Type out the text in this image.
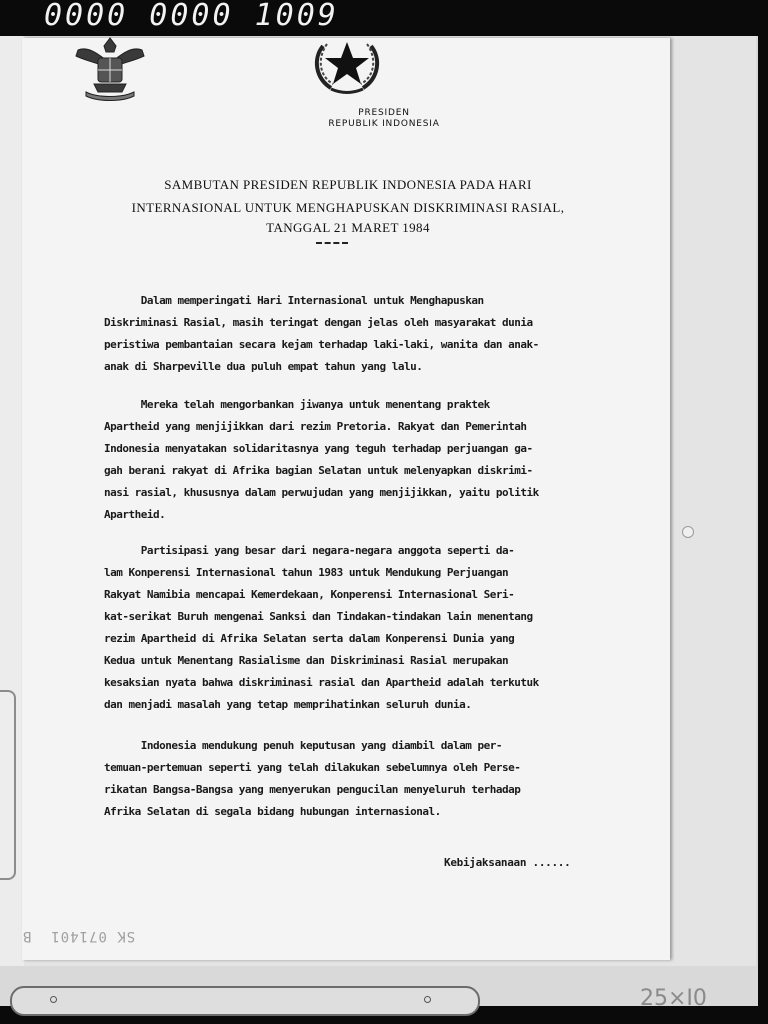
0000 0000 1009
PRESIDEN
REPUBLIK INDONESIA
SAMBUTAN PRESIDEN REPUBLIK INDONESIA PADA HARI
INTERNASIONAL UNTUK MENGHAPUSKAN DISKRIMINASI RASIAL,
TANGGAL 21 MARET 1984
Dalam memperingati Hari Internasional untuk Menghapuskan
Diskriminasi Rasial, masih teringat dengan jelas oleh masyarakat dunia
peristiwa pembantaian secara kejam terhadap laki-laki, wanita dan anak-
anak di Sharpeville dua puluh empat tahun yang lalu.
Mereka telah mengorbankan jiwanya untuk menentang praktek
Apartheid yang menjijikkan dari rezim Pretoria. Rakyat dan Pemerintah
Indonesia menyatakan solidaritasnya yang teguh terhadap perjuangan ga-
gah berani rakyat di Afrika bagian Selatan untuk melenyapkan diskrimi-
nasi rasial, khususnya dalam perwujudan yang menjijikkan, yaitu politik
Apartheid.
Partisipasi yang besar dari negara-negara anggota seperti da-
lam Konperensi Internasional tahun 1983 untuk Mendukung Perjuangan
Rakyat Namibia mencapai Kemerdekaan, Konperensi Internasional Seri-
kat-serikat Buruh mengenai Sanksi dan Tindakan-tindakan lain menentang
rezim Apartheid di Afrika Selatan serta dalam Konperensi Dunia yang
Kedua untuk Menentang Rasialisme dan Diskriminasi Rasial merupakan
kesaksian nyata bahwa diskriminasi rasial dan Apartheid adalah terkutuk
dan menjadi masalah yang tetap memprihatinkan seluruh dunia.
Indonesia mendukung penuh keputusan yang diambil dalam per-
temuan-pertemuan seperti yang telah dilakukan sebelumnya oleh Perse-
rikatan Bangsa-Bangsa yang menyerukan pengucilan menyeluruh terhadap
Afrika Selatan di segala bidang hubungan internasional.
Kebijaksanaan ......
SK 071401  B
25×I0
